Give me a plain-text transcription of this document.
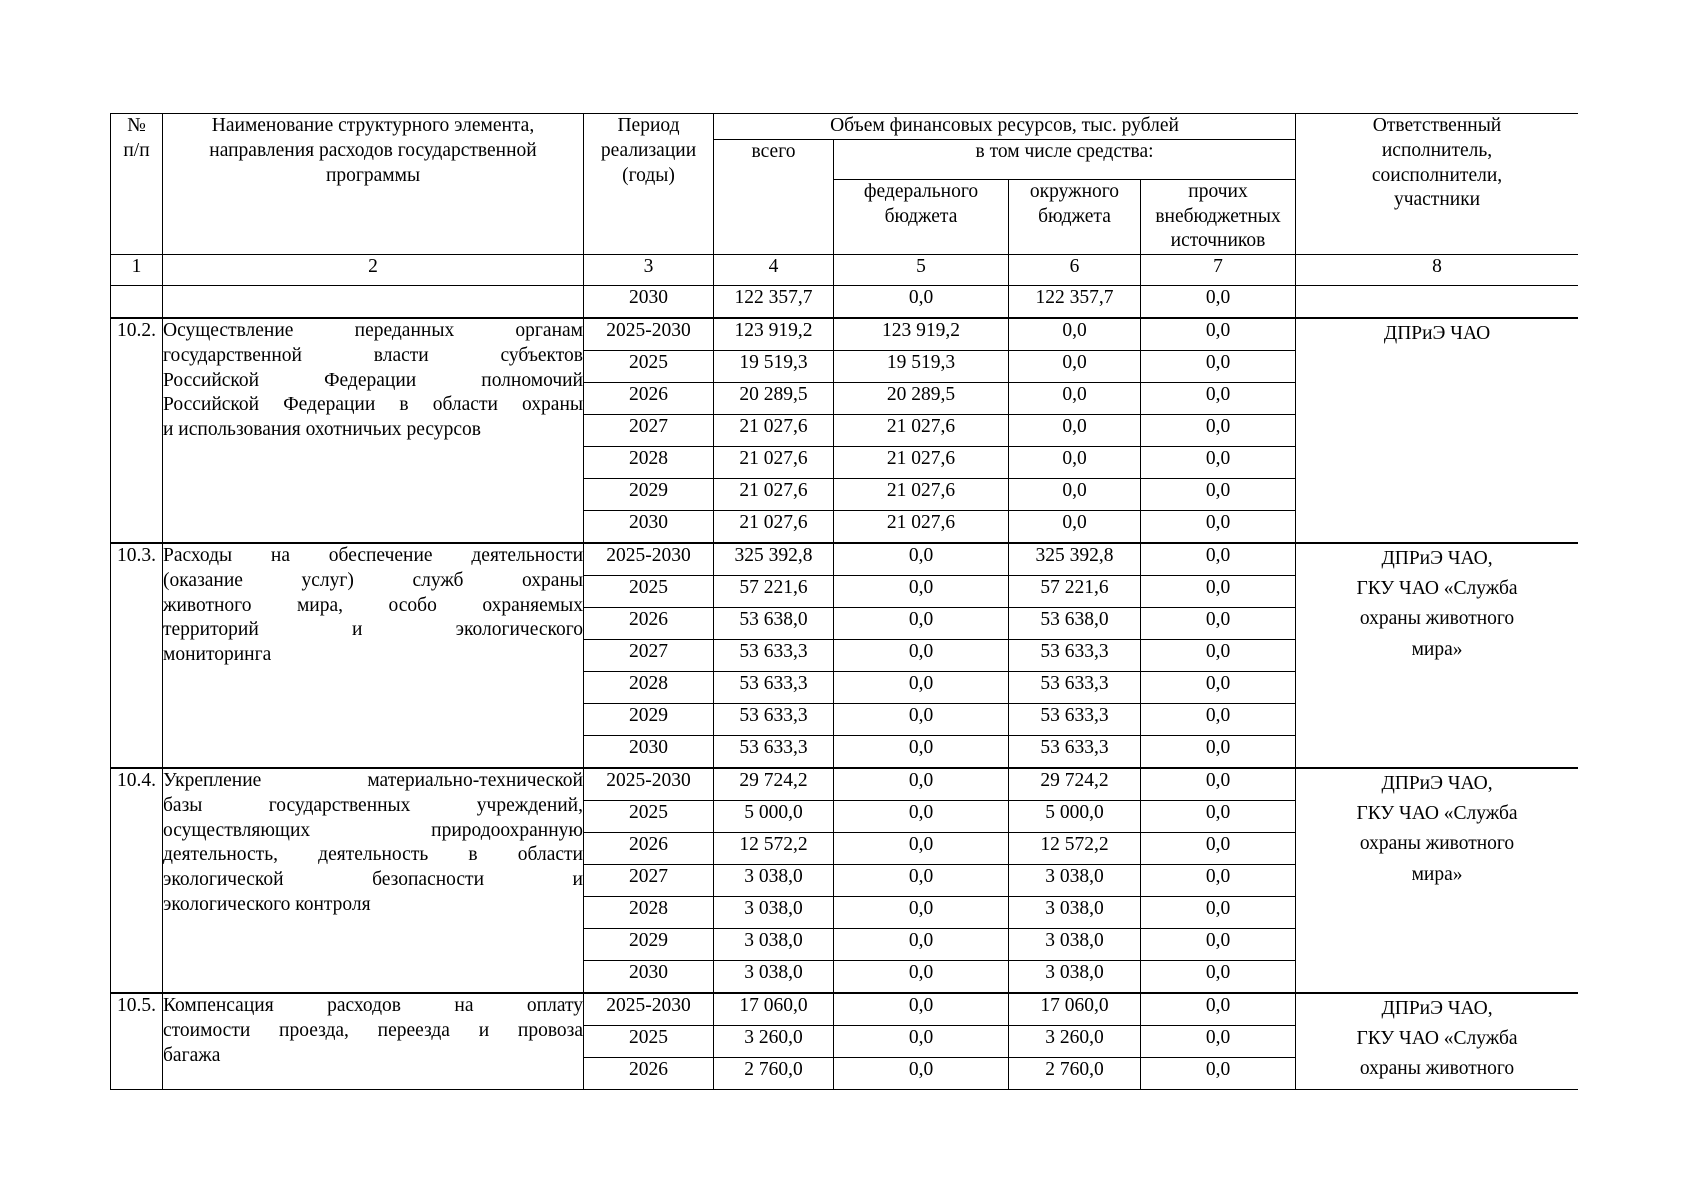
№
п/п	Наименование структурного элемента, направления расходов государственной программы	Период
реализации
(годы)	Объем финансовых ресурсов, тыс. рублей				Ответственный
исполнитель,
соисполнители,
участники
			всего	в том числе средства:			
				федерального
бюджета	окружного
бюджета	прочих
внебюджетных
источников	
1	2	3	4	5	6	7	8
		2030	122 357,7	0,0	122 357,7	0,0	
10.2.	Осуществление переданных органам
государственной власти субъектов
Российской Федерации полномочий
Российской Федерации в области охраны
и использования охотничьих ресурсов	2025-2030	123 919,2	123 919,2	0,0	0,0	ДПРиЭ ЧАО

		2025	19 519,3	19 519,3	0,0	0,0	
		2026	20 289,5	20 289,5	0,0	0,0	
		2027	21 027,6	21 027,6	0,0	0,0	
		2028	21 027,6	21 027,6	0,0	0,0	
		2029	21 027,6	21 027,6	0,0	0,0	
		2030	21 027,6	21 027,6	0,0	0,0	
10.3.	Расходы на обеспечение деятельности
(оказание услуг) служб охраны
животного мира, особо охраняемых
территорий и экологического
мониторинга
	2025-2030	325 392,8	0,0	325 392,8	0,0	ДПРиЭ ЧАО,
ГКУ ЧАО «Служба
охраны животного
мира»

		2025	57 221,6	0,0	57 221,6	0,0	
		2026	53 638,0	0,0	53 638,0	0,0	
		2027	53 633,3	0,0	53 633,3	0,0	
		2028	53 633,3	0,0	53 633,3	0,0	
		2029	53 633,3	0,0	53 633,3	0,0	
		2030	53 633,3	0,0	53 633,3	0,0	
10.4.	Укрепление материально-технической
базы государственных учреждений,
осуществляющих природоохранную
деятельность, деятельность в области
экологической безопасности и
экологического контроля
	2025-2030	29 724,2	0,0	29 724,2	0,0	ДПРиЭ ЧАО,
ГКУ ЧАО «Служба
охраны животного
мира»

		2025	5 000,0	0,0	5 000,0	0,0	
		2026	12 572,2	0,0	12 572,2	0,0	
		2027	3 038,0	0,0	3 038,0	0,0	
		2028	3 038,0	0,0	3 038,0	0,0	
		2029	3 038,0	0,0	3 038,0	0,0	
		2030	3 038,0	0,0	3 038,0	0,0	
10.5.	Компенсация расходов на оплату
стоимости проезда, переезда и провоза
багажа
	2025-2030	17 060,0	0,0	17 060,0	0,0	ДПРиЭ ЧАО,
ГКУ ЧАО «Служба
охраны животного

		2025	3 260,0	0,0	3 260,0	0,0	
		2026	2 760,0	0,0	2 760,0	0,0	
